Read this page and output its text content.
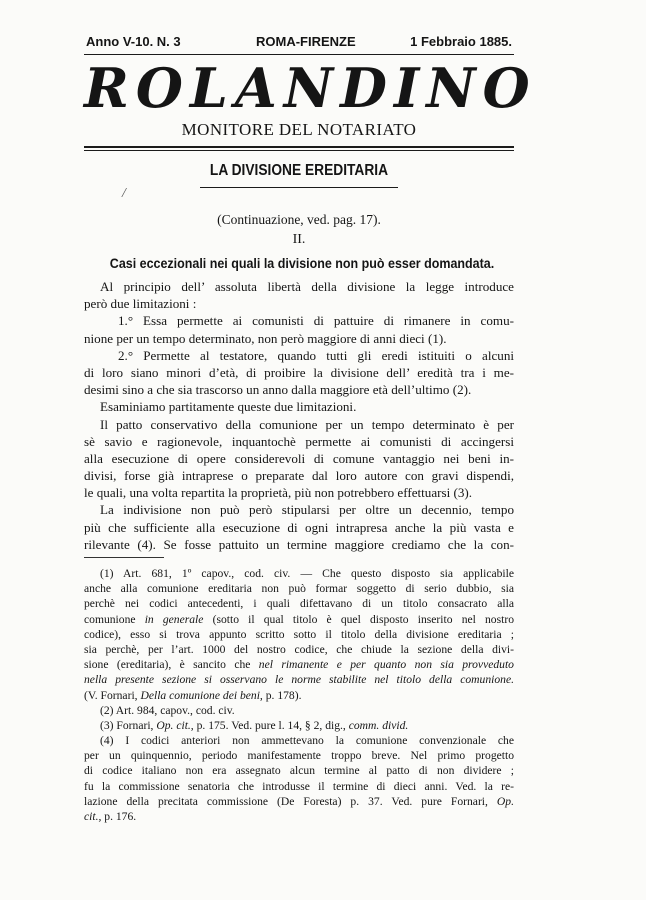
Anno V-10. N. 3	ROMA-FIRENZE	1 Febbraio 1885.
ROLANDINO
MONITORE DEL NOTARIATO
LA DIVISIONE EREDITARIA
/
(Continuazione, ved. pag. 17).
II.
Casi eccezionali nei quali la divisione non può esser domandata.
Al principio dell’ assoluta libertà della divisione la legge introduce
però due limitazioni :
1.° Essa permette ai comunisti di pattuire di rimanere in comu-
nione per un tempo determinato, non però maggiore di anni dieci (1).
2.° Permette al testatore, quando tutti gli eredi istituiti o alcuni
di loro siano minori d’età, di proibire la divisione dell’ eredità tra i me-
desimi sino a che sia trascorso un anno dalla maggiore età dell’ultimo (2).
Esaminiamo partitamente queste due limitazioni.
Il patto conservativo della comunione per un tempo determinato è per
sè savio e ragionevole, inquantochè permette ai comunisti di accingersi
alla esecuzione di opere considerevoli di comune vantaggio nei beni in-
divisi, forse già intraprese o preparate dal loro autore con gravi dispendi,
le quali, una volta repartita la proprietà, più non potrebbero effettuarsi (3).
La indivisione non può però stipularsi per oltre un decennio, tempo
più che sufficiente alla esecuzione di ogni intrapresa anche la più vasta e
rilevante (4). Se fosse pattuito un termine maggiore crediamo che la con-
(1) Art. 681, 1º capov., cod. civ. — Che questo disposto sia applicabile
anche alla comunione ereditaria non può formar soggetto di serio dubbio, sia
perchè nei codici antecedenti, i quali difettavano di un titolo consacrato alla
comunione in generale (sotto il qual titolo è quel disposto inserito nel nostro
codice), esso si trova appunto scritto sotto il titolo della divisione ereditaria ;
sia perchè, per l’art. 1000 del nostro codice, che chiude la sezione della divi-
sione (ereditaria), è sancito che nel rimanente e per quanto non sia provveduto
nella presente sezione si osservano le norme stabilite nel titolo della comunione.
(V. Fornari, Della comunione dei beni, p. 178).
(2) Art. 984, capov., cod. civ.
(3) Fornari, Op. cit., p. 175. Ved. pure l. 14, § 2, dig., comm. divid.
(4) I codici anteriori non ammettevano la comunione convenzionale che
per un quinquennio, periodo manifestamente troppo breve. Nel primo progetto
di codice italiano non era assegnato alcun termine al patto di non dividere ;
fu la commissione senatoria che introdusse il termine di dieci anni. Ved. la re-
lazione della precitata commissione (De Foresta) p. 37. Ved. pure Fornari, Op.
cit., p. 176.
